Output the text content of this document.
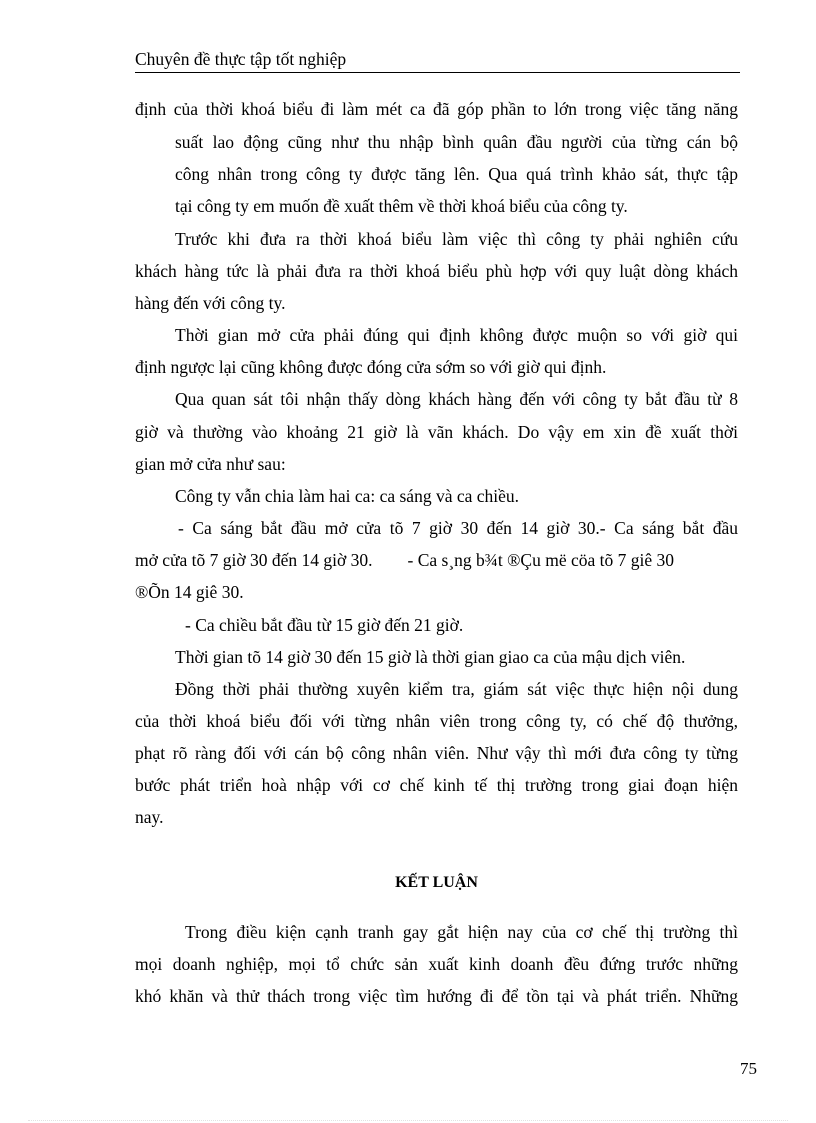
Chuyên đề thực tập tốt nghiệp
định của thời khoá biểu đi làm mét ca đã góp phần to lớn trong việc tăng năng
suất lao động cũng như thu nhập bình quân đầu người của từng cán bộ
công nhân trong công ty được tăng lên. Qua quá trình khảo sát, thực tập
tại công ty em muốn đề xuất thêm về thời khoá biểu của công ty.
Trước khi đưa ra thời khoá biểu làm việc thì công ty phải nghiên cứu
khách hàng tức là phải đưa ra thời khoá biểu phù hợp với quy luật dòng khách
hàng đến với công ty.
Thời gian mở cửa phải đúng qui định không được muộn so với giờ qui
định ngược lại cũng không được đóng cửa sớm so với giờ qui định.
Qua quan sát tôi nhận thấy dòng khách hàng đến với công ty bắt đầu từ 8
giờ và thường vào khoảng 21 giờ là vãn khách. Do vậy em xin đề xuất thời
gian mở cửa như sau:
Công ty vẫn chia làm hai ca: ca sáng và ca chiều.
- Ca sáng bắt đầu mở cửa tõ 7 giờ 30 đến 14 giờ 30.- Ca sáng bắt đầu
mở cửa tõ 7 giờ 30 đến 14 giờ 30.        - Ca s¸ng b¾t ®Çu më cöa tõ 7 giê 30
®Õn 14 giê 30.
- Ca chiều bắt đầu từ 15 giờ đến 21 giờ.
Thời gian tõ 14 giờ 30 đến 15 giờ là thời gian giao ca của mậu dịch viên.
Đồng thời phải thường xuyên kiểm tra, giám sát việc thực hiện nội dung
của thời khoá biểu đối với từng nhân viên trong công ty, có chế độ thưởng,
phạt rõ ràng đối với cán bộ công nhân viên. Như vậy thì mới đưa công ty từng
bước phát triển hoà nhập với cơ chế kinh tế thị trường trong giai đoạn hiện
nay.
KẾT LUẬN
Trong điều kiện cạnh tranh gay gắt hiện nay của cơ chế thị trường thì
mọi doanh nghiệp, mọi tổ chức sản xuất kinh doanh đều đứng trước những
khó khăn và thử thách trong việc tìm hướng đi để tồn tại và phát triển. Những
75
